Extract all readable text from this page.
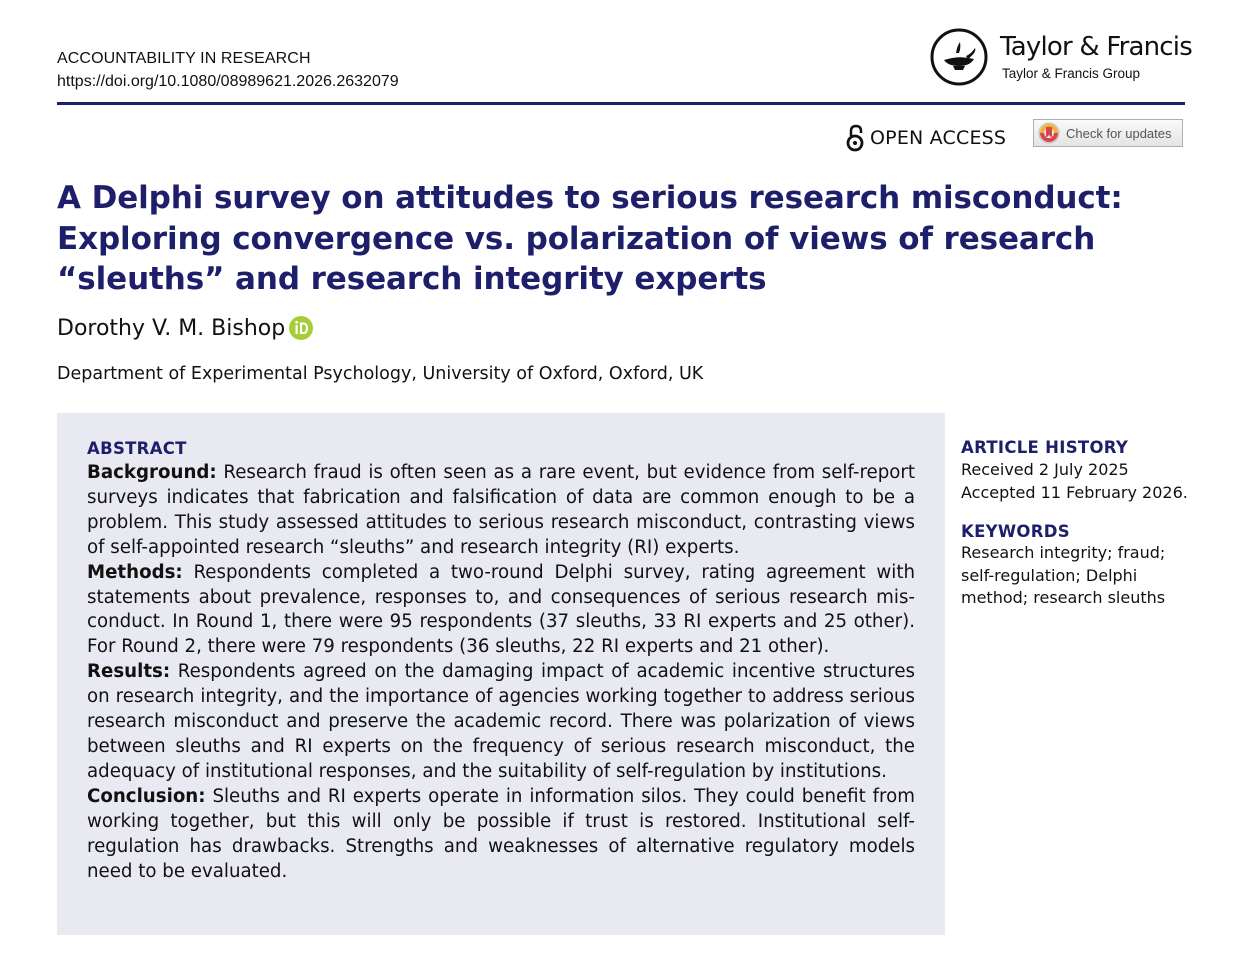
ACCOUNTABILITY IN RESEARCH
https://doi.org/10.1080/08989621.2026.2632079
Taylor & Francis
Taylor & Francis Group
OPEN ACCESS	Check for updates
A Delphi survey on attitudes to serious research misconduct: Exploring convergence vs. polarization of views of research “sleuths” and research integrity experts
Dorothy V. M. Bishop
Department of Experimental Psychology, University of Oxford, Oxford, UK
ABSTRACT

Background: Research fraud is often seen as a rare event, but evidence from self-report surveys indicates that fabrication and falsification of data are common enough to be a problem. This study assessed attitudes to serious research misconduct, contrasting views of self-appointed research “sleuths” and research integrity (RI) experts.

Methods: Respondents completed a two-round Delphi survey, rating agreement with statements about prevalence, responses to, and consequences of serious research misconduct. In Round 1, there were 95 respondents (37 sleuths, 33 RI experts and 25 other). For Round 2, there were 79 respondents (36 sleuths, 22 RI experts and 21 other).

Results: Respondents agreed on the damaging impact of academic incentive structures on research integrity, and the importance of agencies working together to address serious research misconduct and preserve the academic record. There was polarization of views between sleuths and RI experts on the frequency of serious research misconduct, the adequacy of institutional responses, and the suitability of self-regulation by institutions.

Conclusion: Sleuths and RI experts operate in information silos. They could benefit from working together, but this will only be possible if trust is restored. Institutional self-regulation has drawbacks. Strengths and weaknesses of alternative regulatory models need to be evaluated.

ARTICLE HISTORY
Received 2 July 2025
Accepted 11 February 2026.
KEYWORDS
Research integrity; fraud; self-regulation; Delphi method; research sleuths
